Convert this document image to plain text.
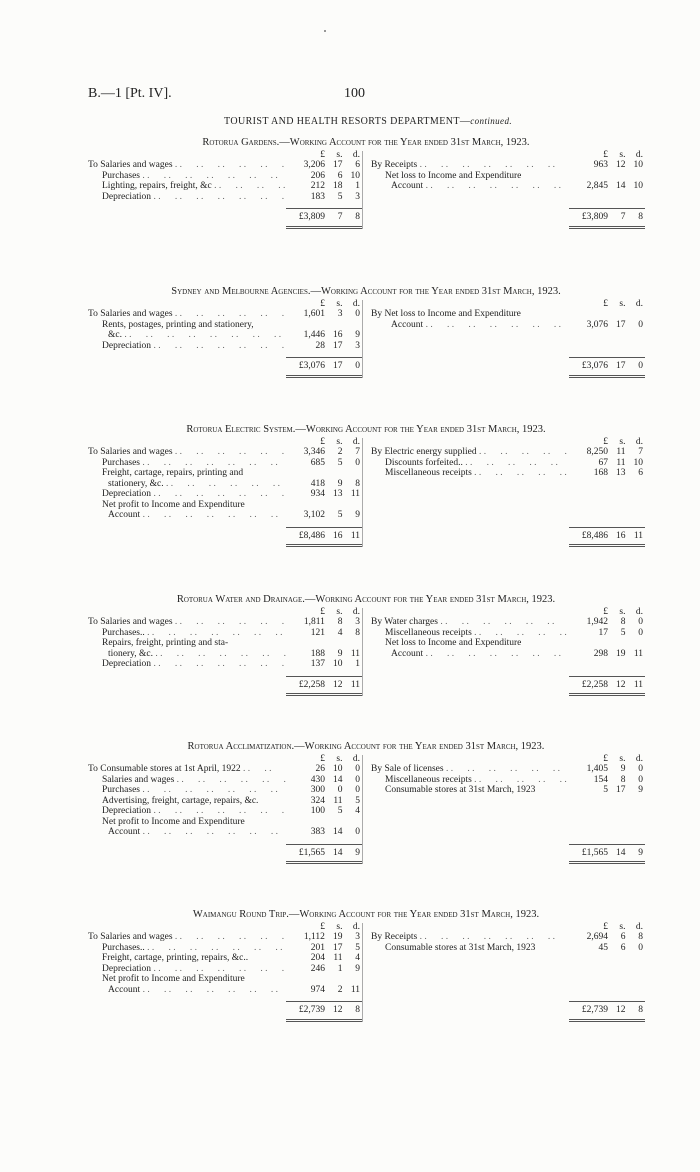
B.—1 [Pt. IV].	100
TOURIST AND HEALTH RESORTS DEPARTMENT—continued.
Rotorua Gardens.—Working Account for the Year ended 31st March, 1923.
£	s.	d.
To Salaries and wages . .	3,206 17	6
Purchases . .	206	6 10
Lighting, repairs, freight, &c . .	212 18	1
Depreciation . .	183	5	3
£3,809	7	8
£	s.	d.
By Receipts . .	963 12 10
Net loss to Income and Expenditure
Account . .	2,845 14 10

£3,809	7	8
Sydney and Melbourne Agencies.—Working Account for the Year ended 31st March, 1923.
£	s.	d.
To Salaries and wages . .	1,601	3	0
Rents, postages, printing and stationery,
&c. . .	1,446 16	9
Depreciation . .	28 17	3
£3,076 17	0
£	s.	d.
By Net loss to Income and Expenditure
Account . .	3,076 17	0

£3,076 17	0
Rotorua Electric System.—Working Account for the Year ended 31st March, 1923.
£	s.	d.
To Salaries and wages . .	3,346	2	7
Purchases . .	685	5	0
Freight, cartage, repairs, printing and
stationery, &c. . .	418	9	8
Depreciation . .	934 13 11
Net profit to Income and Expenditure
Account . .	3,102	5	9
£8,486 16 11
£	s.	d.
By Electric energy supplied . .	8,250 11	7
Discounts forfeited.. . .	67 11 10
Miscellaneous receipts . .	168 13	6

£8,486 16 11
Rotorua Water and Drainage.—Working Account for the Year ended 31st March, 1923.
£	s.	d.
To Salaries and wages . .	1,811	8	3
Purchases.. . .	121	4	8
Repairs, freight, printing and sta-
tionery, &c. . .	188	9 11
Depreciation . .	137 10	1
£2,258 12 11
£	s.	d.
By Water charges . .	1,942	8	0
Miscellaneous receipts . .	17	5	0
Net loss to Income and Expenditure
Account . .	298 19 11

£2,258 12 11
Rotorua Acclimatization.—Working Account for the Year ended 31st March, 1923.
£	s.	d.
To Consumable stores at 1st April, 1922 . .	26 10	0
Salaries and wages . .	430 14	0
Purchases . .	300	0	0
Advertising, freight, cartage, repairs, &c.	324 11	5
Depreciation . .	100	5	4
Net profit to Income and Expenditure
Account . .	383 14	0
£1,565 14	9
£	s.	d.
By Sale of licenses . .	1,405	9	0
Miscellaneous receipts . .	154	8	0
Consumable stores at 31st March, 1923	5 17	9

£1,565 14	9
Waimangu Round Trip.—Working Account for the Year ended 31st March, 1923.
£	s.	d.
To Salaries and wages . .	1,112 19	3
Purchases.. . .	201 17	5
Freight, cartage, printing, repairs, &c..	204 11	4
Depreciation . .	246	1	9
Net profit to Income and Expenditure
Account . .	974	2 11
£2,739 12	8
£	s.	d.
By Receipts . .	2,694	6	8
Consumable stores at 31st March, 1923	45	6	0

£2,739 12	8
